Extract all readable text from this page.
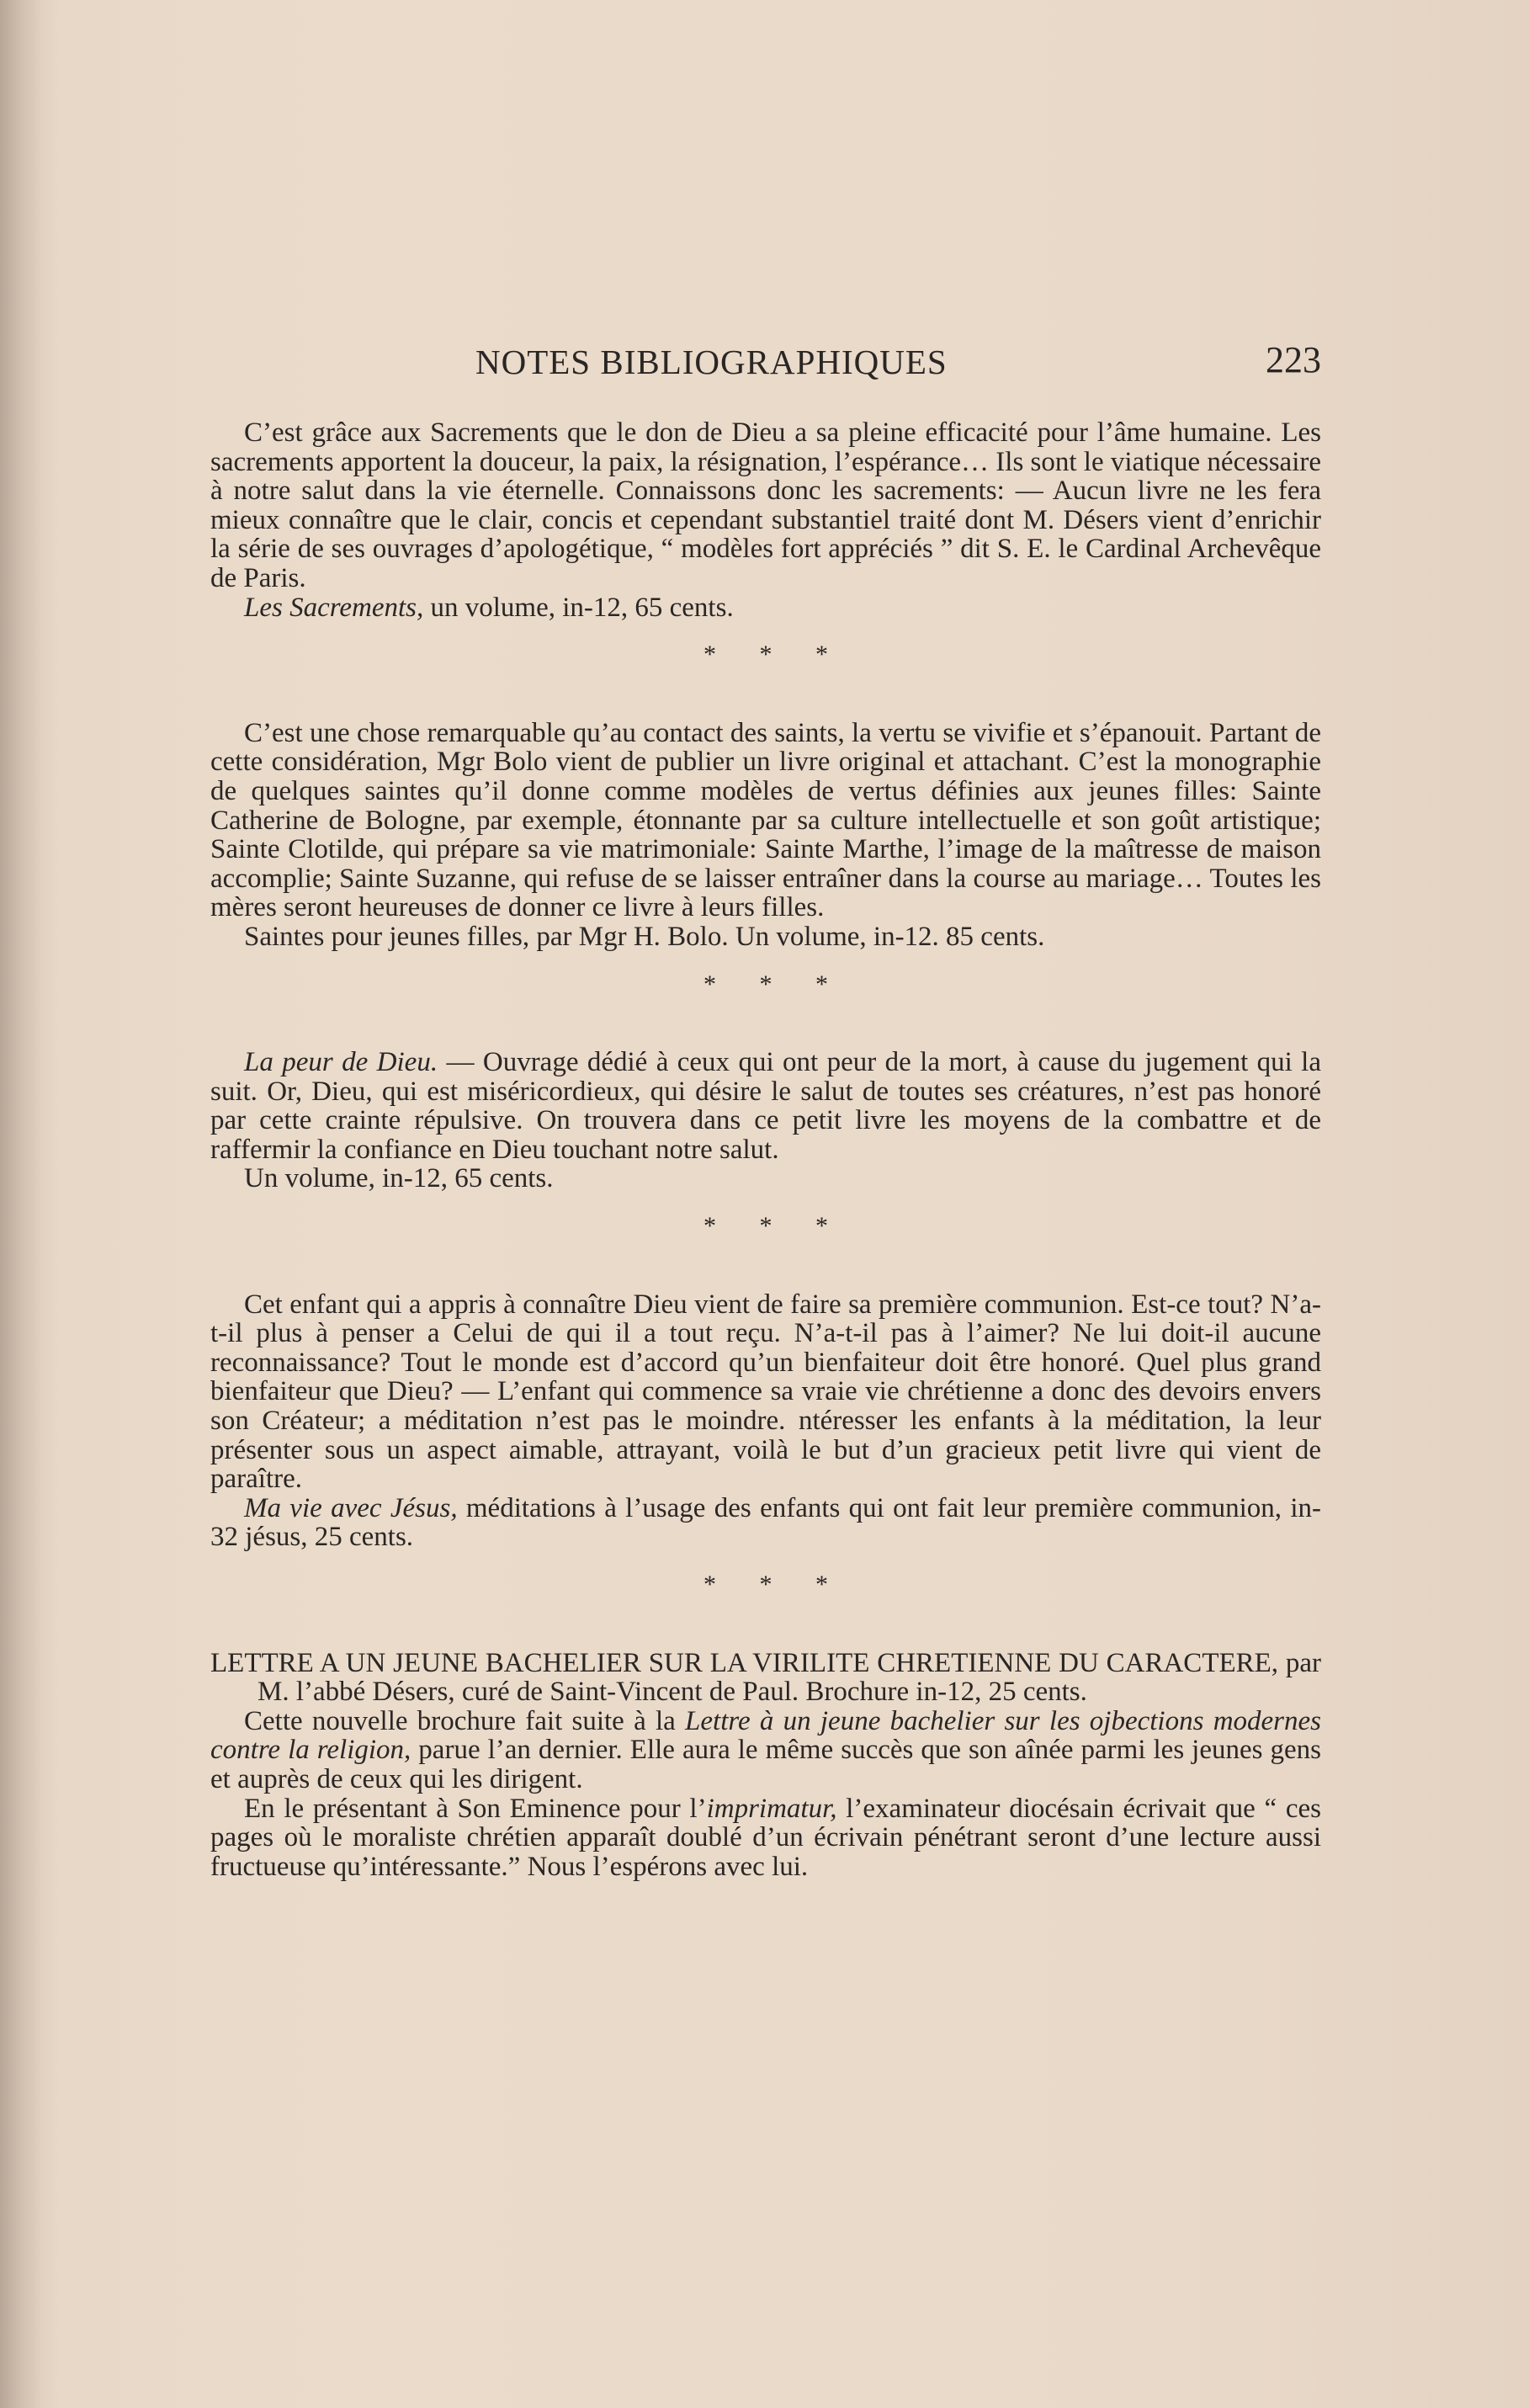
NOTES BIBLIOGRAPHIQUES	223

C’est grâce aux Sacrements que le don de Dieu a sa pleine efficacité pour l’âme humaine. Les sacrements apportent la douceur, la paix, la résignation, l’espérance… Ils sont le viatique nécessaire à notre salut dans la vie éternelle. Connaissons donc les sacrements: — Aucun livre ne les fera mieux connaître que le clair, concis et cependant substantiel traité dont M. Désers vient d’enrichir la série de ses ouvrages d’apologétique, “ modèles fort appréciés ” dit S. E. le Cardinal Archevêque de Paris.

Les Sacrements, un volume, in-12, 65 cents.

* * *

C’est une chose remarquable qu’au contact des saints, la vertu se vivifie et s’épanouit. Partant de cette considération, Mgr Bolo vient de publier un livre original et attachant. C’est la monographie de quelques saintes qu’il donne comme modèles de vertus définies aux jeunes filles: Sainte Catherine de Bologne, par exemple, étonnante par sa culture intellectuelle et son goût artistique; Sainte Clotilde, qui prépare sa vie matrimoniale: Sainte Marthe, l’image de la maîtresse de maison accomplie; Sainte Suzanne, qui refuse de se laisser entraîner dans la course au mariage… Toutes les mères seront heureuses de donner ce livre à leurs filles.

Saintes pour jeunes filles, par Mgr H. Bolo. Un volume, in-12. 85 cents.

* * *

La peur de Dieu. — Ouvrage dédié à ceux qui ont peur de la mort, à cause du jugement qui la suit. Or, Dieu, qui est miséricordieux, qui désire le salut de toutes ses créatures, n’est pas honoré par cette crainte répulsive. On trouvera dans ce petit livre les moyens de la combattre et de raffermir la confiance en Dieu touchant notre salut.

Un volume, in-12, 65 cents.

* * *

Cet enfant qui a appris à connaître Dieu vient de faire sa première communion. Est-ce tout? N’a-t-il plus à penser a Celui de qui il a tout reçu. N’a-t-il pas à l’aimer? Ne lui doit-il aucune reconnaissance? Tout le monde est d’accord qu’un bienfaiteur doit être honoré. Quel plus grand bienfaiteur que Dieu? — L’enfant qui commence sa vraie vie chrétienne a donc des devoirs envers son Créateur; a méditation n’est pas le moindre. ntéresser les enfants à la méditation, la leur présenter sous un aspect aimable, attrayant, voilà le but d’un gracieux petit livre qui vient de paraître.

Ma vie avec Jésus, méditations à l’usage des enfants qui ont fait leur première communion, in-32 jésus, 25 cents.

* * *

LETTRE A UN JEUNE BACHELIER SUR LA VIRILITE CHRETIENNE DU CARACTERE, par M. l’abbé Désers, curé de Saint-Vincent de Paul. Brochure in-12, 25 cents.

Cette nouvelle brochure fait suite à la Lettre à un jeune bachelier sur les ojbections modernes contre la religion, parue l’an dernier. Elle aura le même succès que son aînée parmi les jeunes gens et auprès de ceux qui les dirigent.

En le présentant à Son Eminence pour l’imprimatur, l’examinateur diocésain écrivait que “ ces pages où le moraliste chrétien apparaît doublé d’un écrivain pénétrant seront d’une lecture aussi fructueuse qu’intéressante.” Nous l’espérons avec lui.
